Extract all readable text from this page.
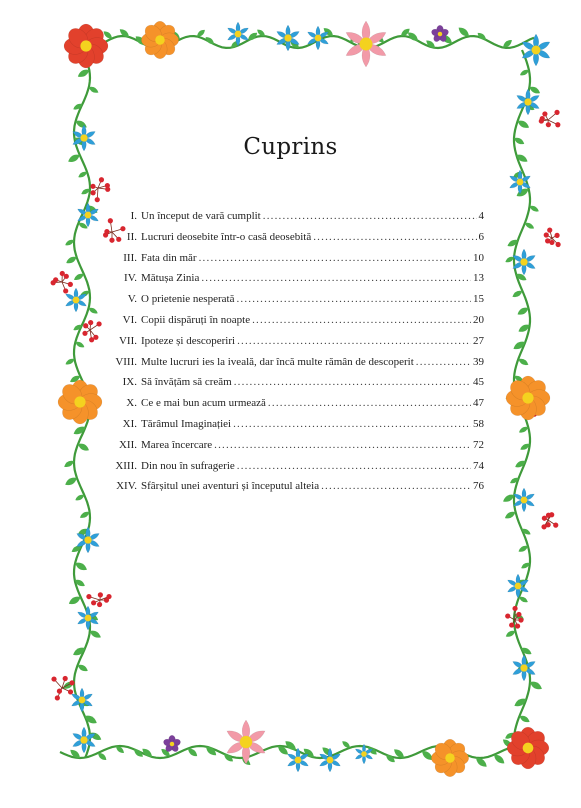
Cuprins
I. Un început de vară cumplit .....	4
II. Lucruri deosebite într-o casă deosebită .....	6
III. Fata din măr .....	10
IV. Mătușa Zinia .....	13
V. O prietenie nesperată .....	15
VI. Copii dispăruți în noapte .....	20
VII. Ipoteze și descoperiri .....	27
VIII. Multe lucruri ies la iveală, dar încă multe rămân de descoperit .....	39
IX. Să învățăm să creăm .....	45
X. Ce e mai bun acum urmează .....	47
XI. Tărâmul Imaginației .....	58
XII. Marea încercare .....	72
XIII. Din nou în sufragerie .....	74
XIV. Sfârșitul unei aventuri și începutul alteia .....	76
